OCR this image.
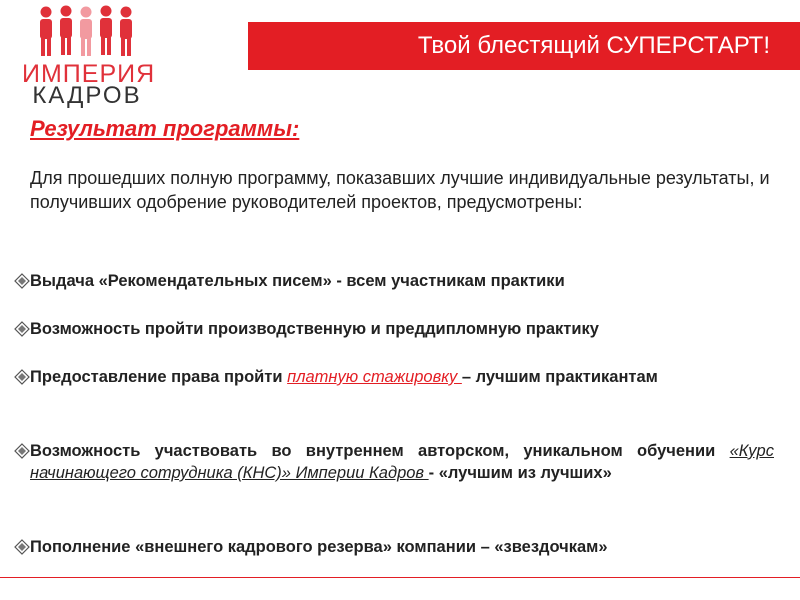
ИМПЕРИЯ
КАДРОВ
Твой блестящий СУПЕРСТАРТ!
Результат программы:
Для прошедших полную программу, показавших лучшие индивидуальные результаты, и получивших одобрение руководителей проектов, предусмотрены:
Выдача «Рекомендательных писем» - всем участникам практики
Возможность пройти производственную и преддипломную практику
Предоставление права пройти платную стажировку – лучшим практикантам
Возможность участвовать во внутреннем авторском, уникальном обучении «Курс начинающего сотрудника (КНС)» Империи Кадров - «лучшим из лучших»
Пополнение «внешнего кадрового резерва» компании – «звездочкам»
